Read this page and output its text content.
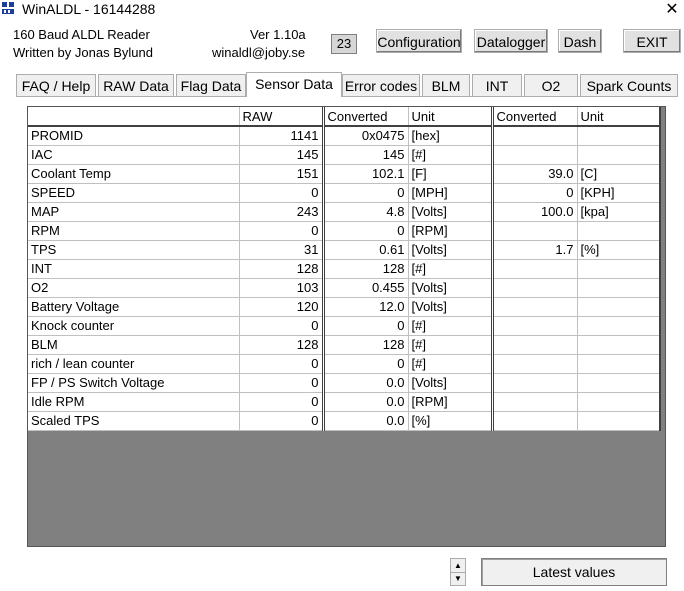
WinALDL - 16144288	✕
160 Baud ALDL Reader
Written by Jonas Bylund
Ver 1.10a
winaldl@joby.se
23	Configuration Datalogger	Dash	EXIT
FAQ / Help RAW Data Flag Data Sensor Data Error codes	BLM	INT	O2	Spark Counts
	RAW	Converted	Unit	Converted	Unit
PROMID	1141	0x0475	[hex]		
IAC	145	145	[#]		
Coolant Temp	151	102.1	[F]	39.0	[C]
SPEED	0	0	[MPH]	0	[KPH]
MAP	243	4.8	[Volts]	100.0	[kpa]
RPM	0	0	[RPM]		
TPS	31	0.61	[Volts]	1.7	[%]
INT	128	128	[#]		
O2	103	0.455	[Volts]		
Battery Voltage	120	12.0	[Volts]		
Knock counter	0	0	[#]		
BLM	128	128	[#]		
rich / lean counter	0	0	[#]		
FP / PS Switch Voltage	0	0.0	[Volts]		
Idle RPM	0	0.0	[RPM]		
Scaled TPS	0	0.0	[%]		
▲
▼	Latest values
